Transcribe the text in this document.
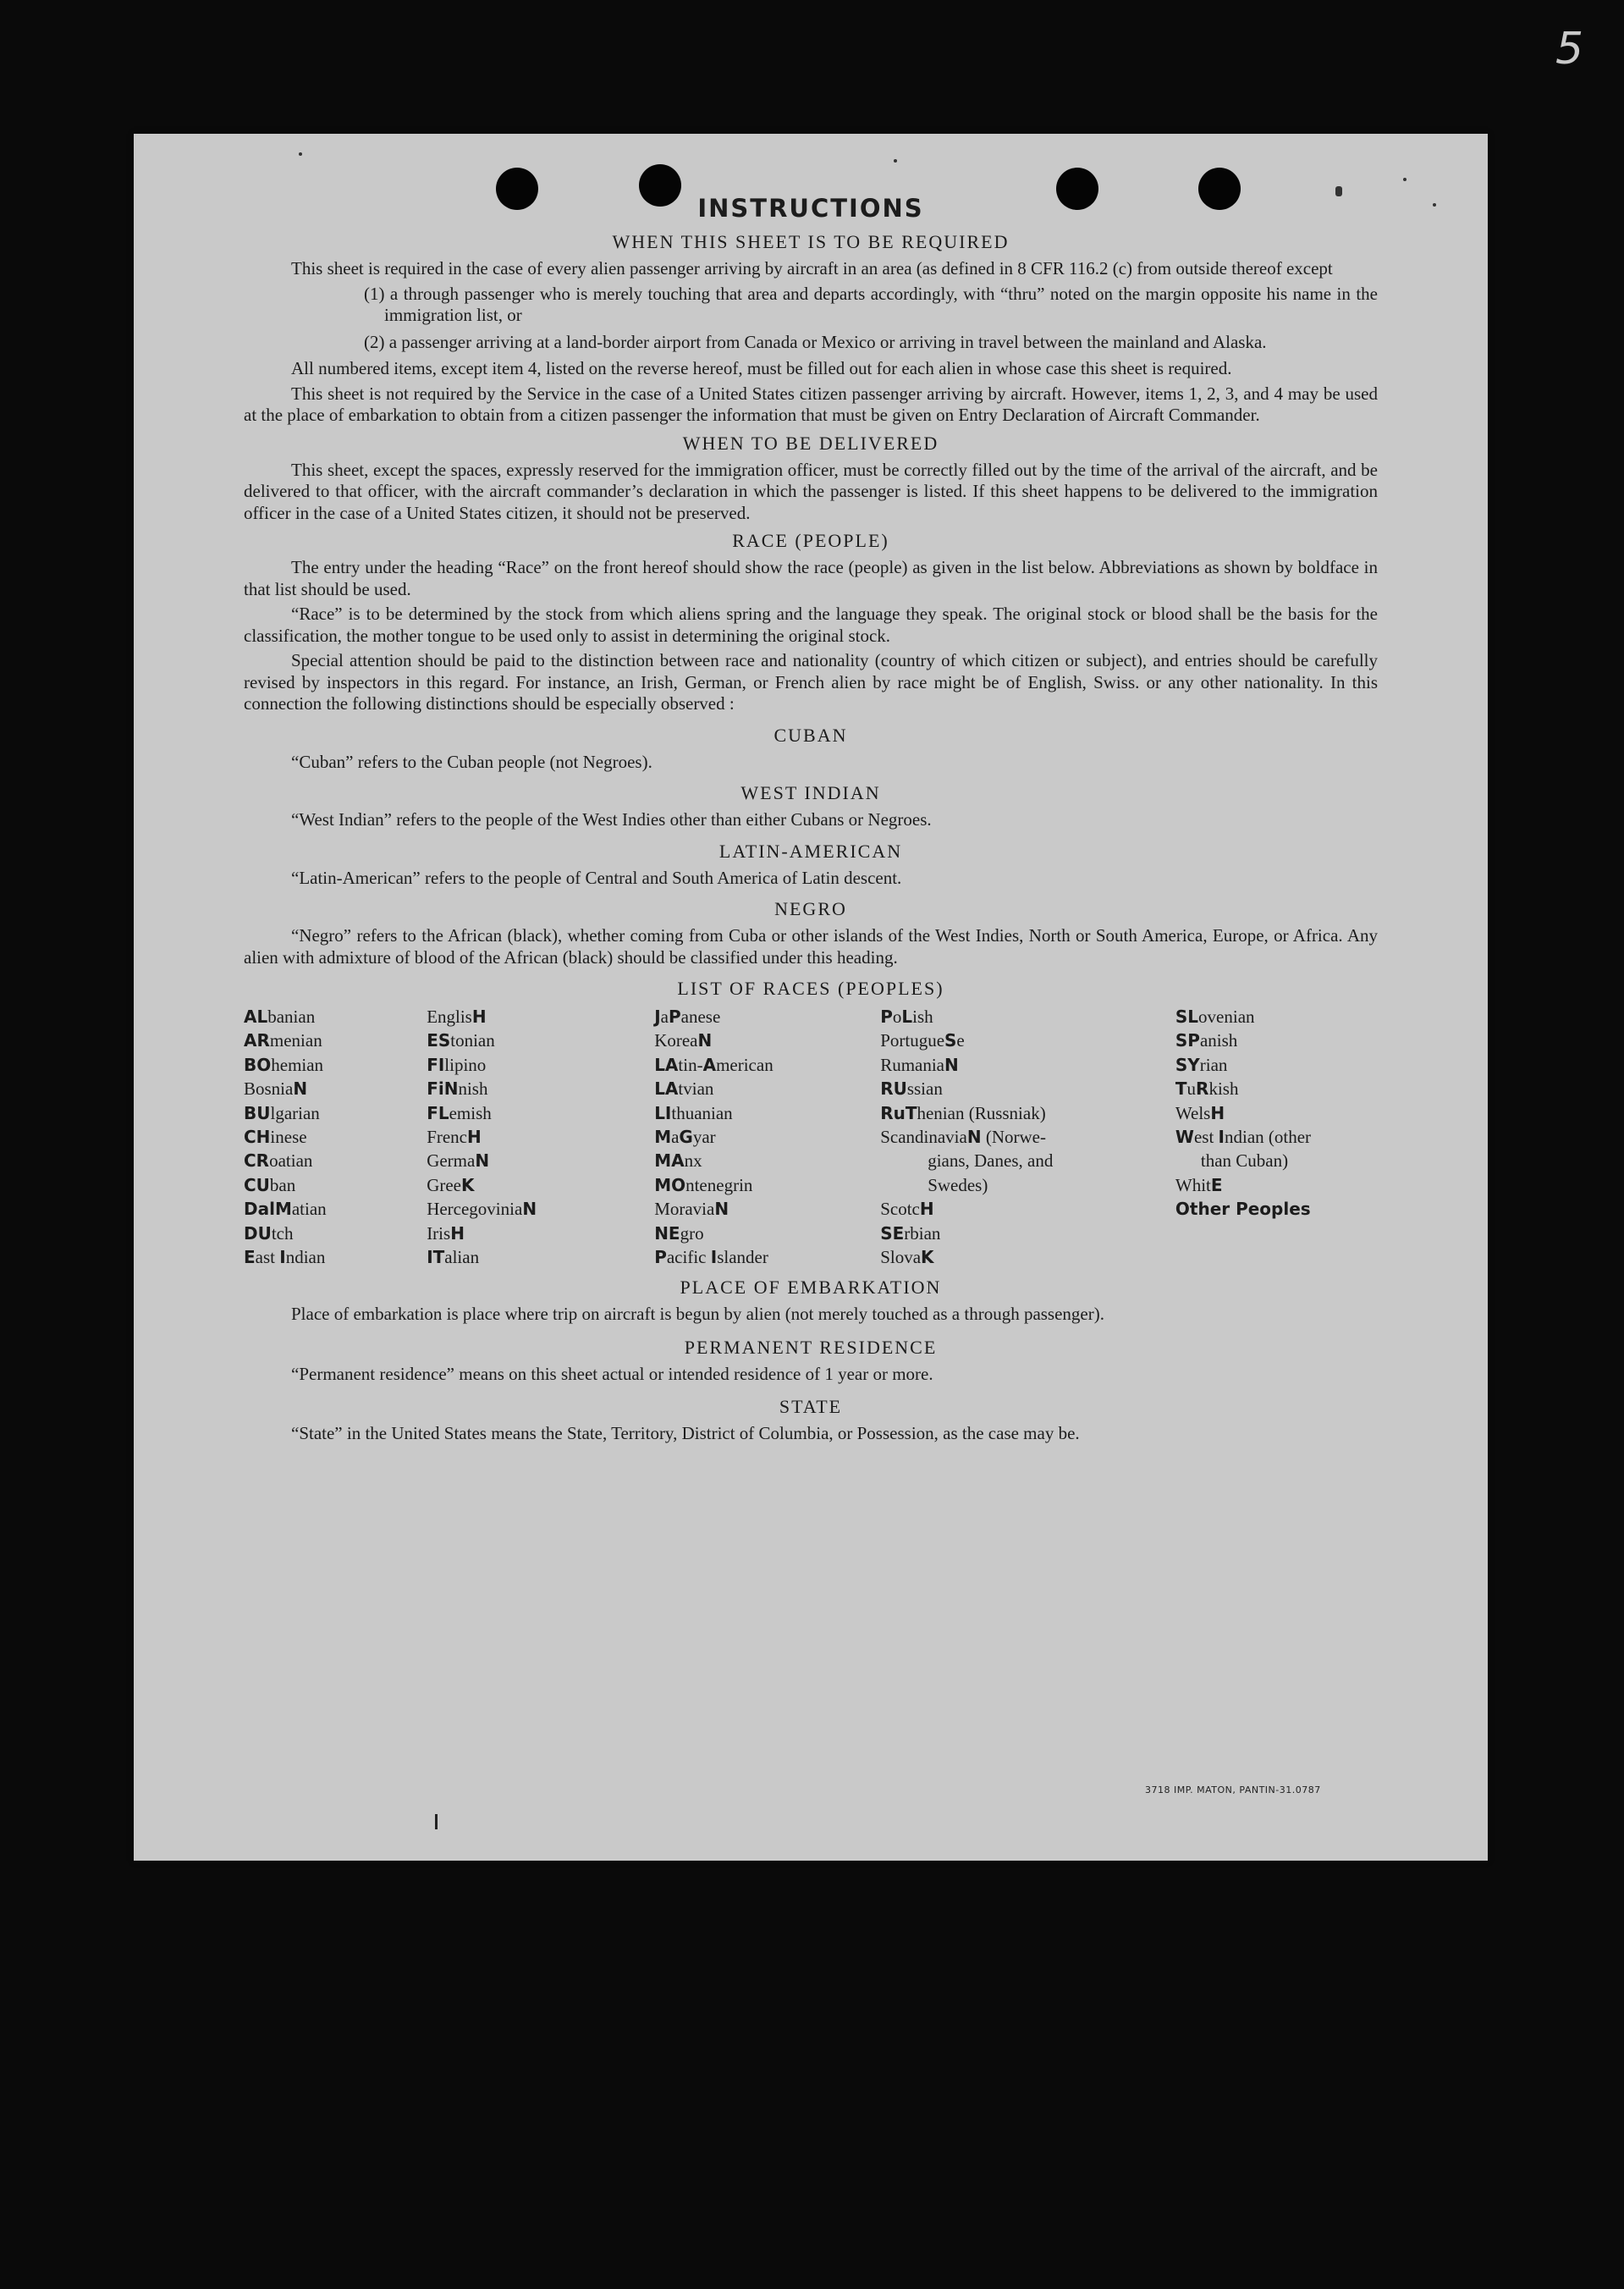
5
INSTRUCTIONS
WHEN THIS SHEET IS TO BE REQUIRED

This sheet is required in the case of every alien passenger arriving by aircraft in an area (as defined in 8 CFR 116.2 (c) from outside thereof except

(1) a through passenger who is merely touching that area and departs accordingly, with “thru” noted on the margin opposite his name in the immigration list, or

(2) a passenger arriving at a land-border airport from Canada or Mexico or arriving in travel between the mainland and Alaska.

All numbered items, except item 4, listed on the reverse hereof, must be filled out for each alien in whose case this sheet is required.

This sheet is not required by the Service in the case of a United States citizen passenger arriving by aircraft. However, items 1, 2, 3, and 4 may be used at the place of embarkation to obtain from a citizen passenger the information that must be given on Entry Declaration of Aircraft Commander.

WHEN TO BE DELIVERED

This sheet, except the spaces, expressly reserved for the immigration officer, must be correctly filled out by the time of the arrival of the aircraft, and be delivered to that officer, with the aircraft commander’s declaration in which the passenger is listed. If this sheet happens to be delivered to the immigration officer in the case of a United States citizen, it should not be preserved.

RACE (PEOPLE)

The entry under the heading “Race” on the front hereof should show the race (people) as given in the list below. Abbreviations as shown by boldface in that list should be used.

“Race” is to be determined by the stock from which aliens spring and the language they speak. The original stock or blood shall be the basis for the classification, the mother tongue to be used only to assist in determining the original stock.

Special attention should be paid to the distinction between race and nationality (country of which citizen or subject), and entries should be carefully revised by inspectors in this regard. For instance, an Irish, German, or French alien by race might be of English, Swiss. or any other nationality. In this connection the following distinctions should be especially observed :

CUBAN

“Cuban” refers to the Cuban people (not Negroes).

WEST INDIAN

“West Indian” refers to the people of the West Indies other than either Cubans or Negroes.

LATIN-AMERICAN

“Latin-American” refers to the people of Central and South America of Latin descent.

NEGRO

“Negro” refers to the African (black), whether coming from Cuba or other islands of the West Indies, North or South America, Europe, or Africa. Any alien with admixture of blood of the African (black) should be classified under this heading.

LIST OF RACES (PEOPLES)
ALbanian
ARmenian
BOhemian
BosniaN
BUlgarian
CHinese
CRoatian
CUban
DalMatian
DUtch
East Indian
EnglisH
EStonian
FIlipino
FiNnish
FLemish
FrencH
GermaN
GreeK
HercegoviniaN
IrisH
ITalian
JaPanese
KoreaN
LAtin-American
LAtvian
LIthuanian
MaGyar
MAnx
MOntenegrin
MoraviaN
NEgro
Pacific Islander
PoLish
PortugueSe
RumaniaN
RUssian
RuThenian (Russniak)
ScandinaviaN (Norwe-
gians, Danes, and
Swedes)
ScotcH
SErbian
SlovaK
SLovenian
SPanish
SYrian
TuRkish
WelsH
West Indian (other
than Cuban)
WhitE
Other Peoples
PLACE OF EMBARKATION

Place of embarkation is place where trip on aircraft is begun by alien (not merely touched as a through passenger).

PERMANENT RESIDENCE

“Permanent residence” means on this sheet actual or intended residence of 1 year or more.

STATE

“State” in the United States means the State, Territory, District of Columbia, or Possession, as the case may be.

3718 IMP. MATON, PANTIN-31.0787
